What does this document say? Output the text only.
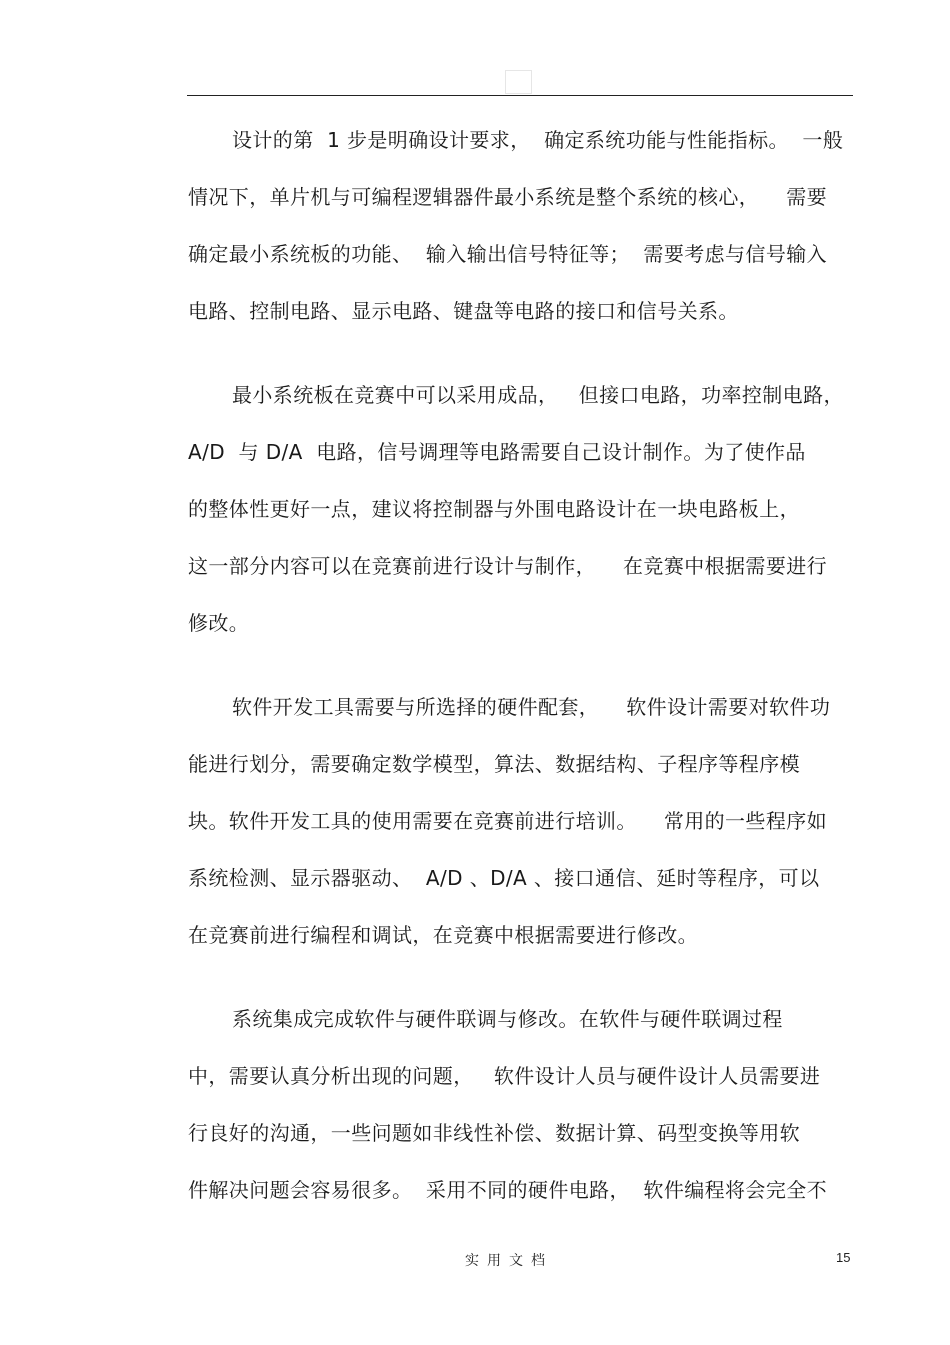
设计的第  1 步是明确设计要求，  确定系统功能与性能指标。  一般
情况下，单片机与可编程逻辑器件最小系统是整个系统的核心，    需要
确定最小系统板的功能、  输入输出信号特征等；  需要考虑与信号输入
电路、控制电路、显示电路、键盘等电路的接口和信号关系。
最小系统板在竞赛中可以采用成品，   但接口电路，功率控制电路，
A/D  与 D/A  电路，信号调理等电路需要自己设计制作。为了使作品
的整体性更好一点，建议将控制器与外围电路设计在一块电路板上，
这一部分内容可以在竞赛前进行设计与制作，    在竞赛中根据需要进行
修改。
软件开发工具需要与所选择的硬件配套，    软件设计需要对软件功
能进行划分，需要确定数学模型，算法、数据结构、子程序等程序模
块。软件开发工具的使用需要在竞赛前进行培训。    常用的一些程序如
系统检测、显示器驱动、  A/D 、D/A 、接口通信、延时等程序，可以
在竞赛前进行编程和调试，在竞赛中根据需要进行修改。
系统集成完成软件与硬件联调与修改。在软件与硬件联调过程
中，需要认真分析出现的问题，   软件设计人员与硬件设计人员需要进
行良好的沟通，一些问题如非线性补偿、数据计算、码型变换等用软
件解决问题会容易很多。  采用不同的硬件电路，  软件编程将会完全不
实用文档	15
